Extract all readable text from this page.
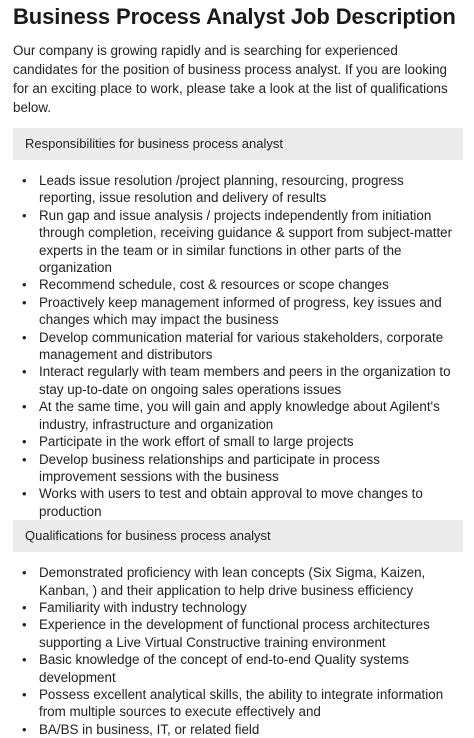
Business Process Analyst Job Description

Our company is growing rapidly and is searching for experienced candidates for the position of business process analyst. If you are looking for an exciting place to work, please take a look at the list of qualifications below.

Responsibilities for business process analyst
• Leads issue resolution /project planning, resourcing, progress reporting, issue resolution and delivery of results
• Run gap and issue analysis / projects independently from initiation through completion, receiving guidance & support from subject-matter experts in the team or in similar functions in other parts of the organization
• Recommend schedule, cost & resources or scope changes
• Proactively keep management informed of progress, key issues and changes which may impact the business
• Develop communication material for various stakeholders, corporate management and distributors
• Interact regularly with team members and peers in the organization to stay up-to-date on ongoing sales operations issues
• At the same time, you will gain and apply knowledge about Agilent's industry, infrastructure and organization
• Participate in the work effort of small to large projects
• Develop business relationships and participate in process improvement sessions with the business
• Works with users to test and obtain approval to move changes to production
Qualifications for business process analyst
• Demonstrated proficiency with lean concepts (Six Sigma, Kaizen, Kanban, ) and their application to help drive business efficiency
• Familiarity with industry technology
• Experience in the development of functional process architectures supporting a Live Virtual Constructive training environment
• Basic knowledge of the concept of end-to-end Quality systems development
• Possess excellent analytical skills, the ability to integrate information from multiple sources to execute effectively and
• BA/BS in business, IT, or related field
